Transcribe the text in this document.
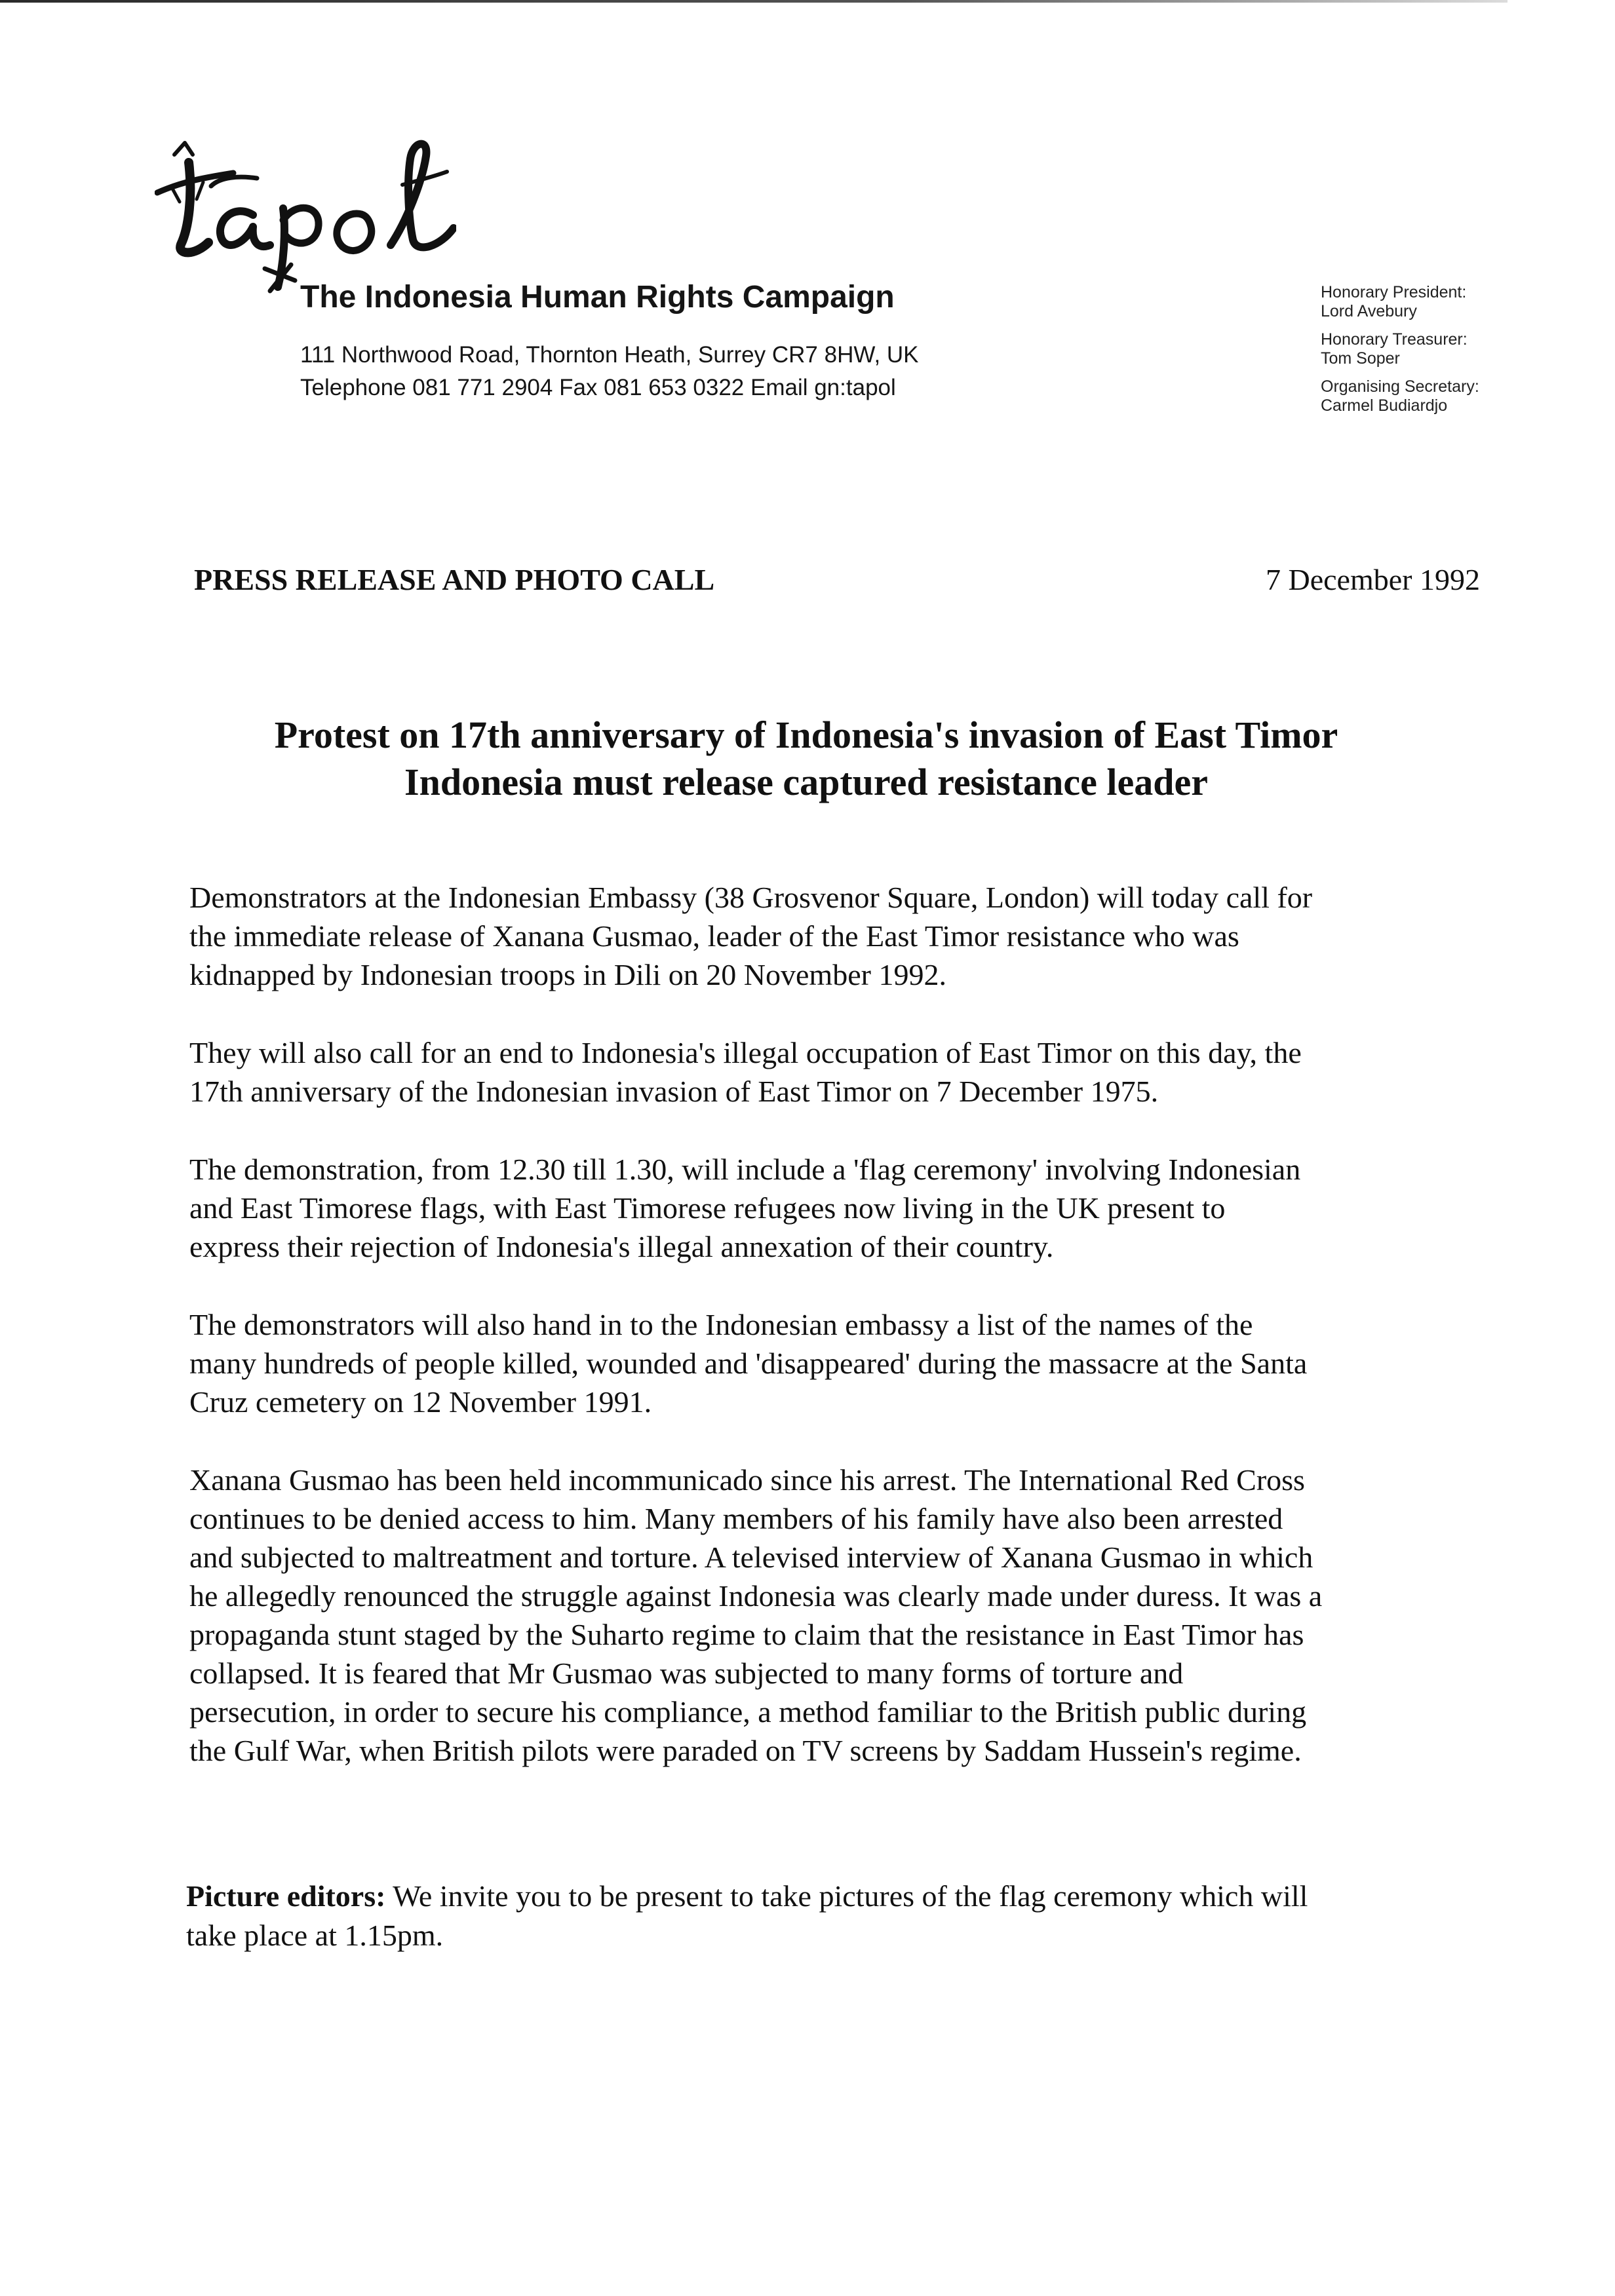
The Indonesia Human Rights Campaign
111 Northwood Road, Thornton Heath, Surrey CR7 8HW, UK
Telephone 081 771 2904 Fax 081 653 0322 Email gn:tapol
Honorary President:
Lord Avebury
Honorary Treasurer:
Tom Soper
Organising Secretary:
Carmel Budiardjo
PRESS RELEASE AND PHOTO CALL	7 December 1992
Protest on 17th anniversary of Indonesia's invasion of East Timor
Indonesia must release captured resistance leader

Demonstrators at the Indonesian Embassy (38 Grosvenor Square, London) will today call for
the immediate release of Xanana Gusmao, leader of the East Timor resistance who was
kidnapped by Indonesian troops in Dili on 20 November 1992.

They will also call for an end to Indonesia's illegal occupation of East Timor on this day, the
17th anniversary of the Indonesian invasion of East Timor on 7 December 1975.

The demonstration, from 12.30 till 1.30, will include a 'flag ceremony' involving Indonesian
and East Timorese flags, with East Timorese refugees now living in the UK present to
express their rejection of Indonesia's illegal annexation of their country.

The demonstrators will also hand in to the Indonesian embassy a list of the names of the
many hundreds of people killed, wounded and 'disappeared' during the massacre at the Santa
Cruz cemetery on 12 November 1991.

Xanana Gusmao has been held incommunicado since his arrest. The International Red Cross
continues to be denied access to him. Many members of his family have also been arrested
and subjected to maltreatment and torture. A televised interview of Xanana Gusmao in which
he allegedly renounced the struggle against Indonesia was clearly made under duress. It was a
propaganda stunt staged by the Suharto regime to claim that the resistance in East Timor has
collapsed. It is feared that Mr Gusmao was subjected to many forms of torture and
persecution, in order to secure his compliance, a method familiar to the British public during
the Gulf War, when British pilots were paraded on TV screens by Saddam Hussein's regime.

Picture editors: We invite you to be present to take pictures of the flag ceremony which will
take place at 1.15pm.
